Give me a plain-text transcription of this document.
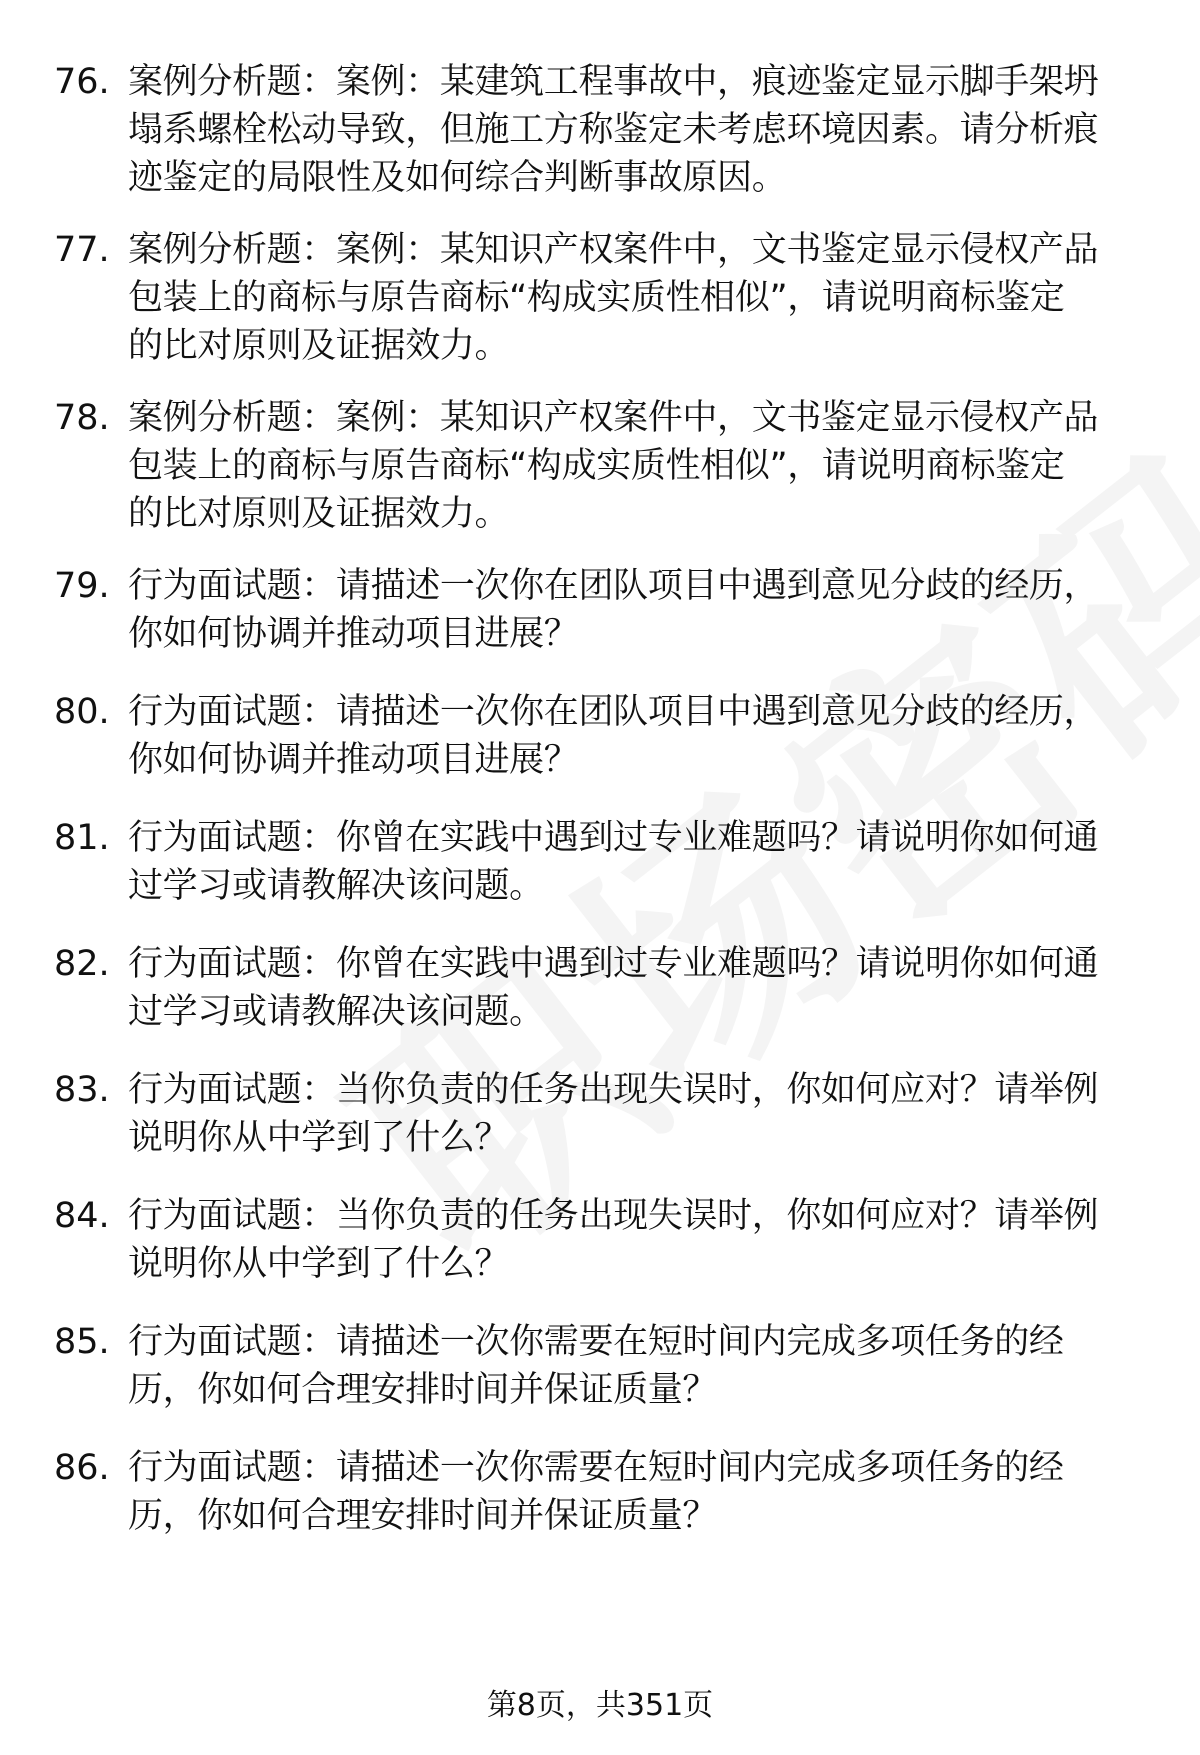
76. 案例分析题：案例：某建筑工程事故中，痕迹鉴定显示脚手架坍
塌系螺栓松动导致，但施工方称鉴定未考虑环境因素。请分析痕
迹鉴定的局限性及如何综合判断事故原因。
77. 案例分析题：案例：某知识产权案件中，文书鉴定显示侵权产品
包装上的商标与原告商标“构成实质性相似”，请说明商标鉴定
的比对原则及证据效力。
78. 案例分析题：案例：某知识产权案件中，文书鉴定显示侵权产品
包装上的商标与原告商标“构成实质性相似”，请说明商标鉴定
的比对原则及证据效力。
79. 行为面试题：请描述一次你在团队项目中遇到意见分歧的经历，
你如何协调并推动项目进展？
80. 行为面试题：请描述一次你在团队项目中遇到意见分歧的经历，
你如何协调并推动项目进展？
81. 行为面试题：你曾在实践中遇到过专业难题吗？请说明你如何通
过学习或请教解决该问题。
82. 行为面试题：你曾在实践中遇到过专业难题吗？请说明你如何通
过学习或请教解决该问题。
83. 行为面试题：当你负责的任务出现失误时，你如何应对？请举例
说明你从中学到了什么？
84. 行为面试题：当你负责的任务出现失误时，你如何应对？请举例
说明你从中学到了什么？
85. 行为面试题：请描述一次你需要在短时间内完成多项任务的经
历，你如何合理安排时间并保证质量？
86. 行为面试题：请描述一次你需要在短时间内完成多项任务的经
历，你如何合理安排时间并保证质量？
第8页，共351页
